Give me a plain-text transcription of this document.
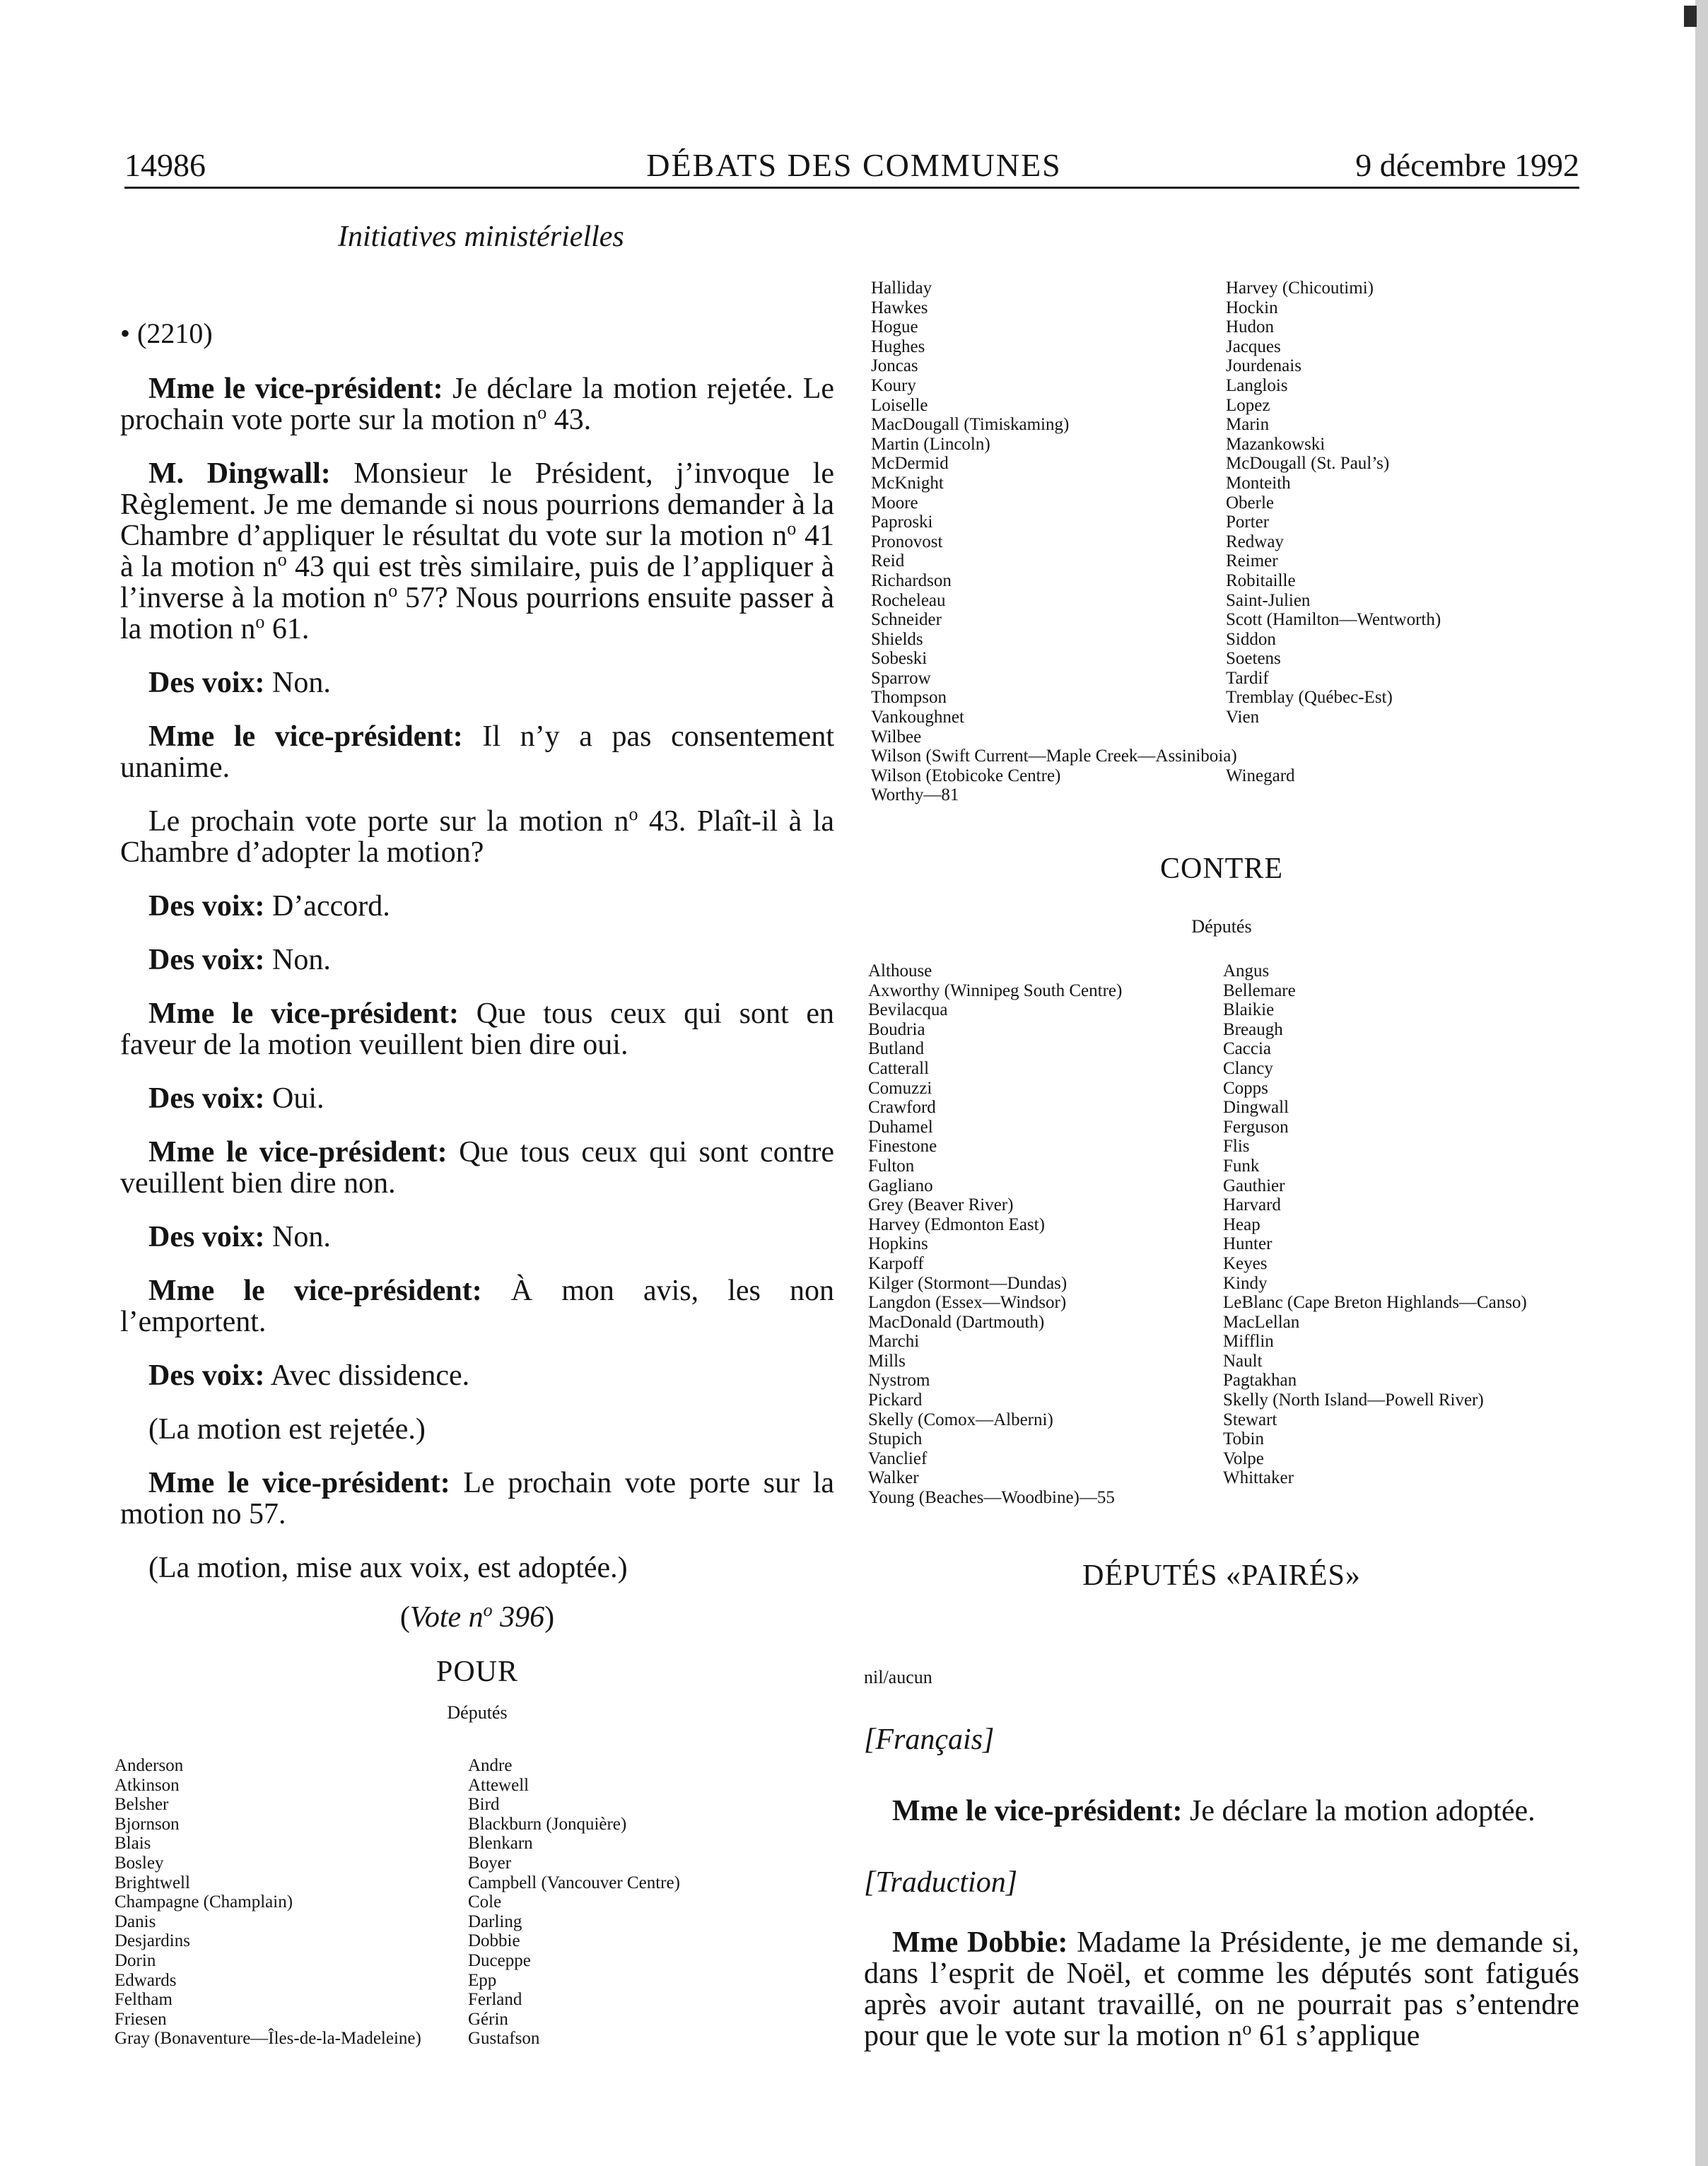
14986	DÉBATS DES COMMUNES	9 décembre 1992
Initiatives ministérielles
• (2210)

Mme le vice-président: Je déclare la motion rejetée. Le prochain vote porte sur la motion $n^o$ 43.

M. Dingwall: Monsieur le Président, j’invoque le Règlement. Je me demande si nous pourrions demander à la Chambre d’appliquer le résultat du vote sur la motion $n^o$ 41 à la motion $n^o$ 43 qui est très similaire, puis de l’appliquer à l’inverse à la motion $n^o$ 57? Nous pourrions ensuite passer à la motion $n^o$ 61.

Des voix: Non.

Mme le vice-président: Il n’y a pas consentement unanime.

Le prochain vote porte sur la motion $n^o$ 43. Plaît-il à la Chambre d’adopter la motion?

Des voix: D’accord.

Des voix: Non.

Mme le vice-président: Que tous ceux qui sont en faveur de la motion veuillent bien dire oui.

Des voix: Oui.

Mme le vice-président: Que tous ceux qui sont contre veuillent bien dire non.

Des voix: Non.

Mme le vice-président: À mon avis, les non l’emportent.

Des voix: Avec dissidence.

(La motion est rejetée.)

Mme le vice-président: Le prochain vote porte sur la motion no 57.

(La motion, mise aux voix, est adoptée.)

(Vote $n^o$ 396)

POUR
Députés
Anderson
Atkinson
Belsher
Bjornson
Blais
Bosley
Brightwell
Champagne (Champlain)
Danis
Desjardins
Dorin
Edwards
Feltham
Friesen
Gray (Bonaventure—Îles-de-la-Madeleine)
Andre
Attewell
Bird
Blackburn (Jonquière)
Blenkarn
Boyer
Campbell (Vancouver Centre)
Cole
Darling
Dobbie
Duceppe
Epp
Ferland
Gérin
Gustafson
Halliday
Hawkes
Hogue
Hughes
Joncas
Koury
Loiselle
MacDougall (Timiskaming)
Martin (Lincoln)
McDermid
McKnight
Moore
Paproski
Pronovost
Reid
Richardson
Rocheleau
Schneider
Shields
Sobeski
Sparrow
Thompson
Vankoughnet
Wilbee
Wilson (Swift Current—Maple Creek—Assiniboia)
Wilson (Etobicoke Centre)
Worthy—81
Harvey (Chicoutimi)
Hockin
Hudon
Jacques
Jourdenais
Langlois
Lopez
Marin
Mazankowski
McDougall (St. Paul’s)
Monteith
Oberle
Porter
Redway
Reimer
Robitaille
Saint-Julien
Scott (Hamilton—Wentworth)
Siddon
Soetens
Tardif
Tremblay (Québec-Est)
Vien
Winegard
CONTRE
Députés
Althouse
Axworthy (Winnipeg South Centre)
Bevilacqua
Boudria
Butland
Catterall
Comuzzi
Crawford
Duhamel
Finestone
Fulton
Gagliano
Grey (Beaver River)
Harvey (Edmonton East)
Hopkins
Karpoff
Kilger (Stormont—Dundas)
Langdon (Essex—Windsor)
MacDonald (Dartmouth)
Marchi
Mills
Nystrom
Pickard
Skelly (Comox—Alberni)
Stupich
Vanclief
Walker
Young (Beaches—Woodbine)—55
Angus
Bellemare
Blaikie
Breaugh
Caccia
Clancy
Copps
Dingwall
Ferguson
Flis
Funk
Gauthier
Harvard
Heap
Hunter
Keyes
Kindy
LeBlanc (Cape Breton Highlands—Canso)
MacLellan
Mifflin
Nault
Pagtakhan
Skelly (North Island—Powell River)
Stewart
Tobin
Volpe
Whittaker
DÉPUTÉS «PAIRÉS»
nil/aucun
[Français]

Mme le vice-président: Je déclare la motion adoptée.

[Traduction]

Mme Dobbie: Madame la Présidente, je me demande si, dans l’esprit de Noël, et comme les députés sont fatigués après avoir autant travaillé, on ne pourrait pas s’entendre pour que le vote sur la motion $n^o$ 61 s’applique
